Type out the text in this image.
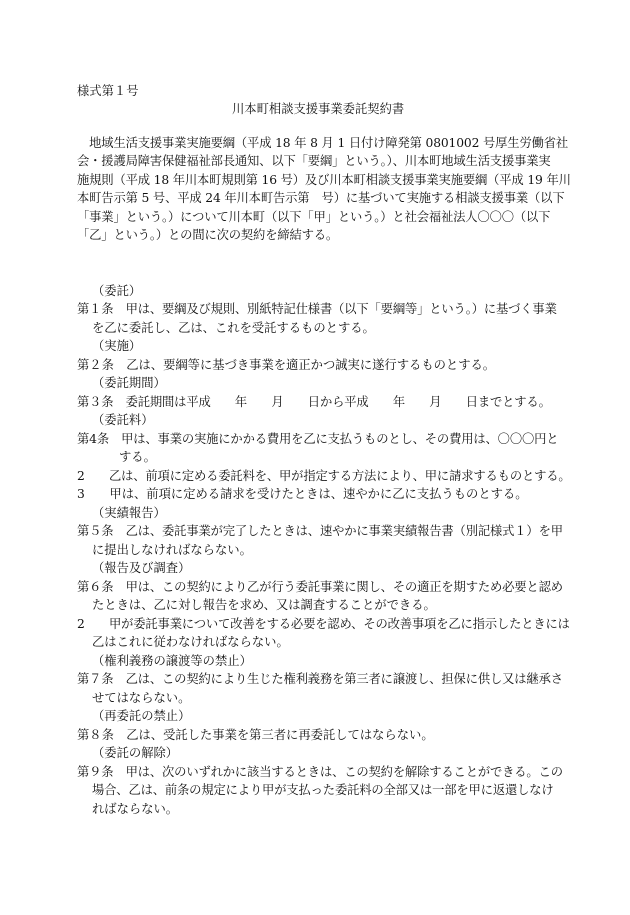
様式第１号
川本町相談支援事業委託契約書
　地域生活支援事業実施要綱（平成 18 年 8 月 1 日付け障発第 0801002 号厚生労働省社
会・援護局障害保健福祉部長通知、以下「要綱」という。）、川本町地域生活支援事業実
施規則（平成 18 年川本町規則第 16 号）及び川本町相談支援事業実施要綱（平成 19 年川
本町告示第 5 号、平成 24 年川本町告示第　号）に基づいて実施する相談支援事業（以下
「事業」という。）について川本町（以下「甲」という。）と社会福祉法人〇〇〇（以下
「乙」という。）との間に次の契約を締結する。
（委託）
第１条　甲は、要綱及び規則、別紙特記仕様書（以下「要綱等」という。）に基づく事業
を乙に委託し、乙は、これを受託するものとする。
（実施）
第２条　乙は、要綱等に基づき事業を適正かつ誠実に遂行するものとする。
（委託期間）
第３条　委託期間は平成　　年　　月　　日から平成　　年　　月　　日までとする。
（委託料）
第4条　甲は、事業の実施にかかる費用を乙に支払うものとし、その費用は、〇〇〇円と
する。
2　　乙は、前項に定める委託料を、甲が指定する方法により、甲に請求するものとする。
3　　甲は、前項に定める請求を受けたときは、速やかに乙に支払うものとする。
（実績報告）
第５条　乙は、委託事業が完了したときは、速やかに事業実績報告書（別記様式１）を甲
に提出しなければならない。
（報告及び調査）
第６条　甲は、この契約により乙が行う委託事業に関し、その適正を期すため必要と認め
たときは、乙に対し報告を求め、又は調査することができる。
2　　甲が委託事業について改善をする必要を認め、その改善事項を乙に指示したときには
乙はこれに従わなければならない。
（権利義務の譲渡等の禁止）
第７条　乙は、この契約により生じた権利義務を第三者に譲渡し、担保に供し又は継承さ
せてはならない。
（再委託の禁止）
第８条　乙は、受託した事業を第三者に再委託してはならない。
（委託の解除）
第９条　甲は、次のいずれかに該当するときは、この契約を解除することができる。この
場合、乙は、前条の規定により甲が支払った委託料の全部又は一部を甲に返還しなけ
ればならない。
